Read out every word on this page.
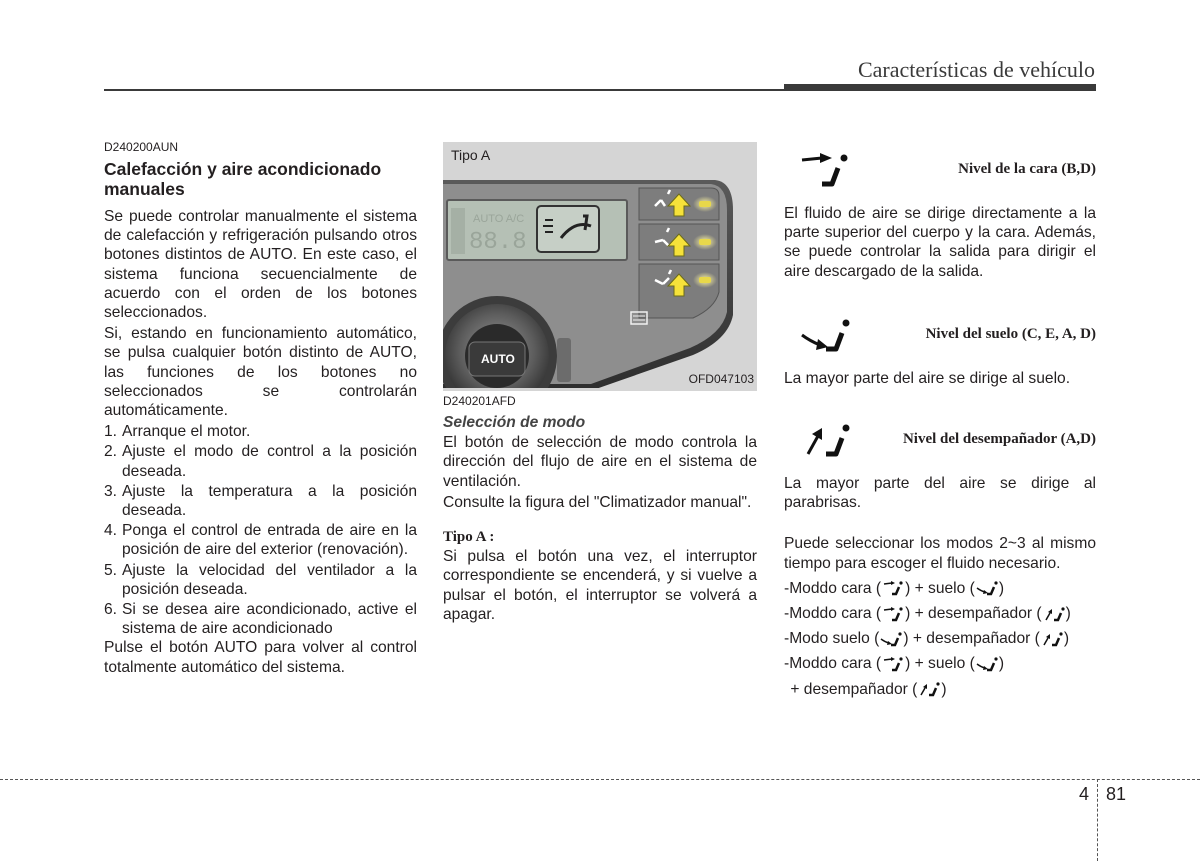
Características de vehículo
D240200AUN
Calefacción y aire acondicionado manuales

Se puede controlar manualmente el sistema de calefacción y refrigeración pulsando otros botones distintos de AUTO. En este caso, el sistema funciona secuencialmente de acuerdo con el orden de los botones seleccionados.

Si, estando en funcionamiento automático, se pulsa cualquier botón distinto de AUTO, las funciones de los botones no seleccionados se controlarán automáticamente.

1. Arranque el motor.
2. Ajuste el modo de control a la posición deseada.
3. Ajuste la temperatura a la posición deseada.
4. Ponga el control de entrada de aire en la posición de aire del exterior (renovación).
5. Ajuste la velocidad del ventilador a la posición deseada.
6. Si se desea aire acondicionado, active el sistema de aire acondicionado

Pulse el botón AUTO para volver al control totalmente automático del sistema.

Tipo A
AUTO A/C
88.8
AUTO
OFD047103
D240201AFD
Selección de modo

El botón de selección de modo controla la dirección del flujo de aire en el sistema de ventilación.

Consulte la figura del "Climatizador manual".

Tipo A :

Si pulsa el botón una vez, el interruptor correspondiente se encenderá, y si vuelve a pulsar el botón, el interruptor se volverá a apagar.

Nivel de la cara (B,D)

El fluido de aire se dirige directamente a la parte superior del cuerpo y la cara. Además, se puede controlar la salida para dirigir el aire descargado de la salida.

Nivel del suelo (C, E, A, D)

La mayor parte del aire se dirige al suelo.

Nivel del desempañador (A,D)

La mayor parte del aire se dirige al parabrisas.

Puede seleccionar los modos 2~3 al mismo tiempo para escoger el fluido necesario.

-Moddo cara ( ) + suelo ( )
-Moddo cara ( ) + desempañador ( )
-Modo suelo ( ) + desempañador ( )
-Moddo cara ( ) + suelo ( )
+ desempañador ( )
4 81
